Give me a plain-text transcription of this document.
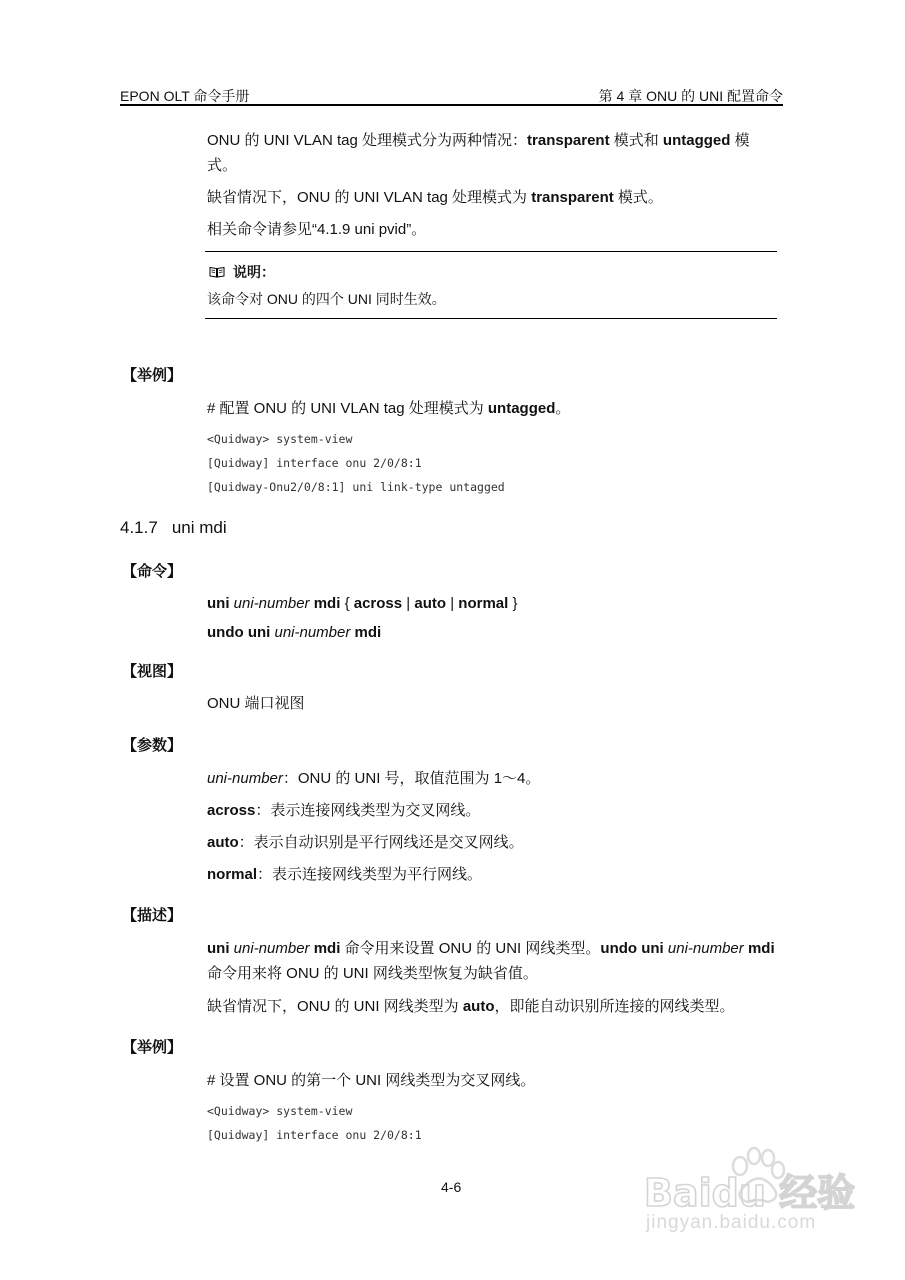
EPON OLT 命令手册	第 4 章 ONU 的 UNI 配置命令
ONU 的 UNI VLAN tag 处理模式分为两种情况：transparent 模式和 untagged 模式。
缺省情况下，ONU 的 UNI VLAN tag 处理模式为 transparent 模式。
相关命令请参见“4.1.9 uni pvid”。
说明：
该命令对 ONU 的四个 UNI 同时生效。
【举例】
# 配置 ONU 的 UNI VLAN tag 处理模式为 untagged。
<Quidway> system-view
[Quidway] interface onu 2/0/8:1
[Quidway-Onu2/0/8:1] uni link-type untagged
4.1.7 uni mdi
【命令】
uni uni-number mdi { across | auto | normal }
undo uni uni-number mdi
【视图】
ONU 端口视图
【参数】
uni-number：ONU 的 UNI 号，取值范围为 1～4。
across：表示连接网线类型为交叉网线。
auto：表示自动识别是平行网线还是交叉网线。
normal：表示连接网线类型为平行网线。
【描述】
uni uni-number mdi 命令用来设置 ONU 的 UNI 网线类型。undo uni uni-number mdi 命令用来将 ONU 的 UNI 网线类型恢复为缺省值。
缺省情况下，ONU 的 UNI 网线类型为 auto，即能自动识别所连接的网线类型。
【举例】
# 设置 ONU 的第一个 UNI 网线类型为交叉网线。
<Quidway> system-view
[Quidway] interface onu 2/0/8:1
4-6	Baidu 经验
jingyan.baidu.com
